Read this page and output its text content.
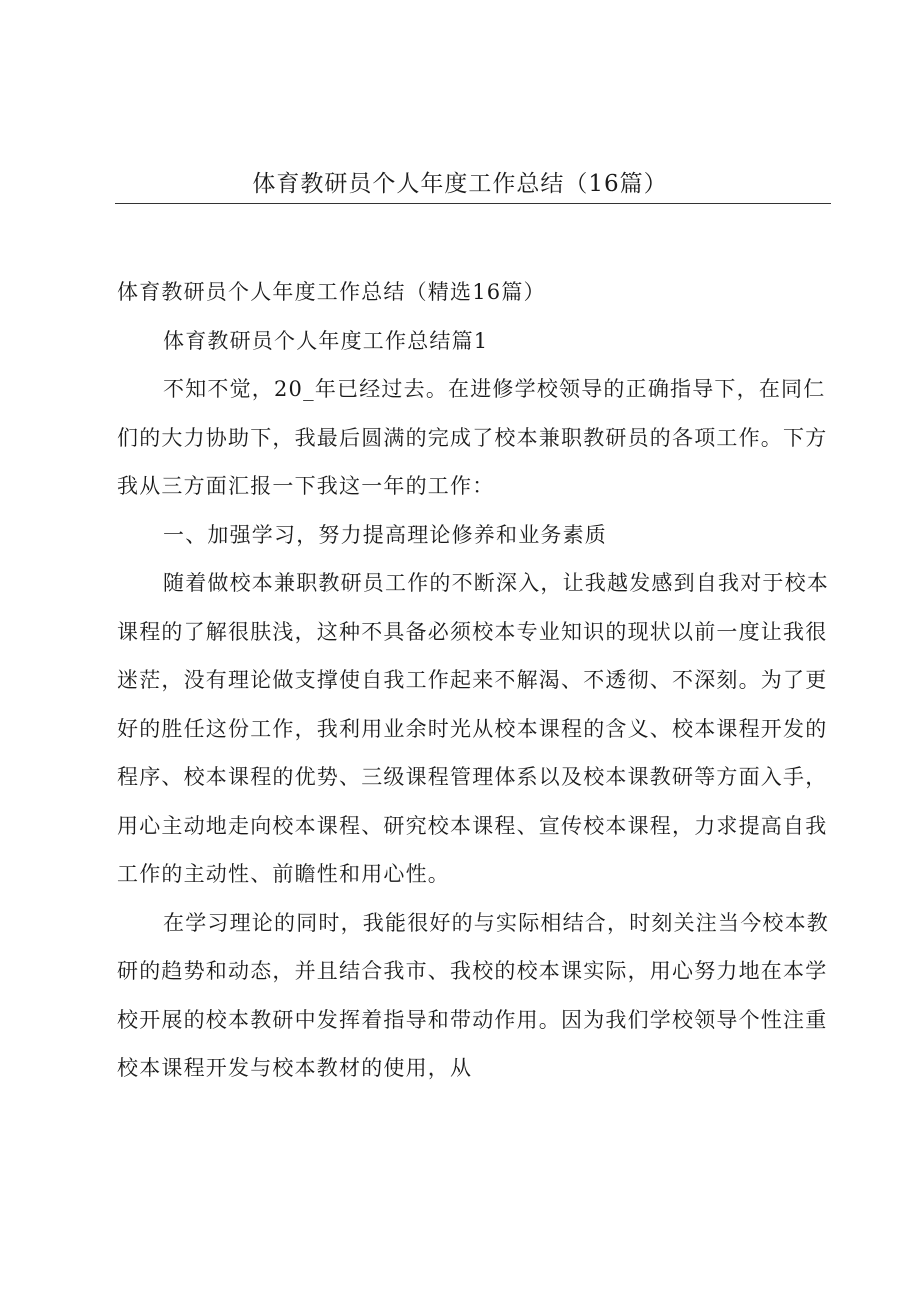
体育教研员个人年度工作总结（16篇）

体育教研员个人年度工作总结（精选16篇）

体育教研员个人年度工作总结篇1

不知不觉，20_年已经过去。在进修学校领导的正确指导下，在同仁们的大力协助下，我最后圆满的完成了校本兼职教研员的各项工作。下方我从三方面汇报一下我这一年的工作：

一、加强学习，努力提高理论修养和业务素质

随着做校本兼职教研员工作的不断深入，让我越发感到自我对于校本课程的了解很肤浅，这种不具备必须校本专业知识的现状以前一度让我很迷茫，没有理论做支撑使自我工作起来不解渴、不透彻、不深刻。为了更好的胜任这份工作，我利用业余时光从校本课程的含义、校本课程开发的程序、校本课程的优势、三级课程管理体系以及校本课教研等方面入手，用心主动地走向校本课程、研究校本课程、宣传校本课程，力求提高自我工作的主动性、前瞻性和用心性。

在学习理论的同时，我能很好的与实际相结合，时刻关注当今校本教研的趋势和动态，并且结合我市、我校的校本课实际，用心努力地在本学校开展的校本教研中发挥着指导和带动作用。因为我们学校领导个性注重校本课程开发与校本教材的使用，从
